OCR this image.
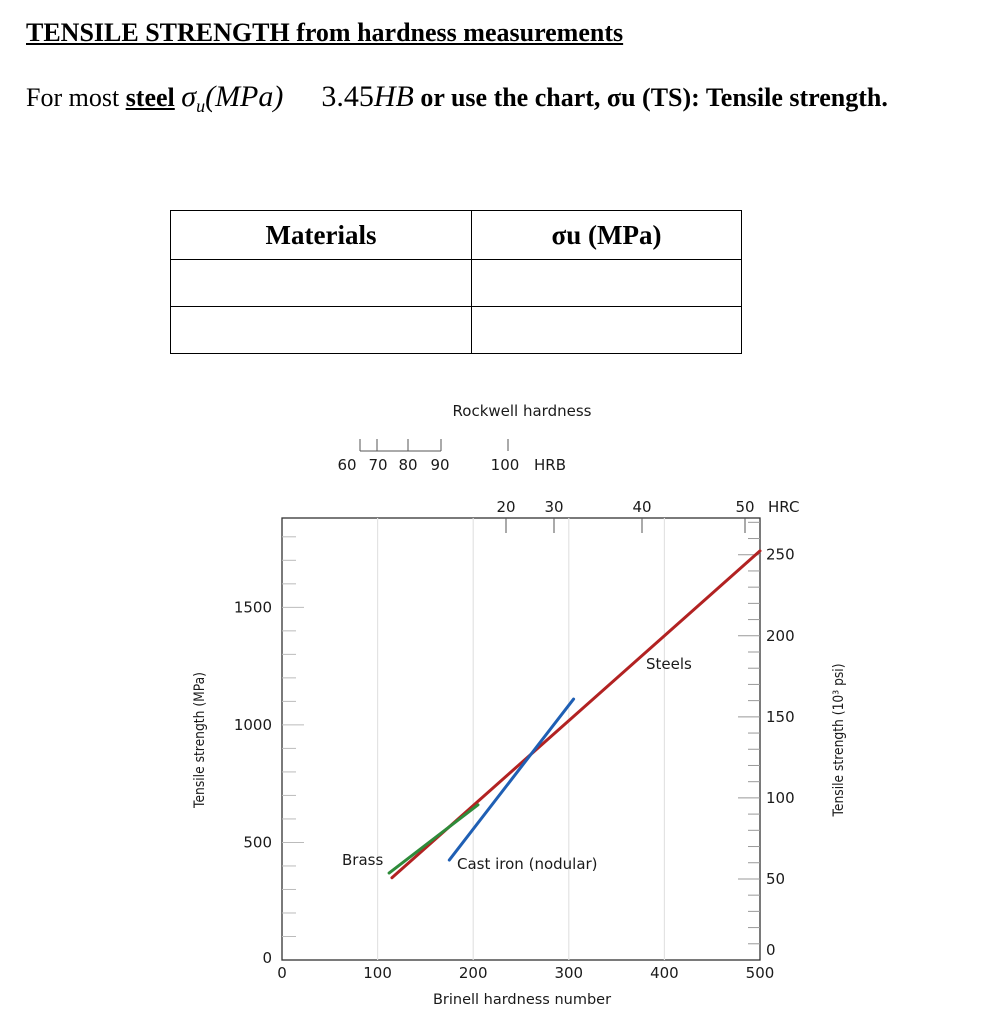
TENSILE STRENGTH from hardness measurements
For most steel $\sigma_u(MPa)$ 3.45HB or use the chart, σu (TS): Tensile strength.
Materials	σu (MPa)

Steels
Brass	Cast iron (nodular)
0	100	200	300	400	500
0
500
1000
1500
0
50
100
150
200
250
Brinell hardness number
Tensile strength (MPa)	Tensile strength (10³ psi)
Rockwell hardness
60 70 80 90	100 HRB
20 30	40	50 HRC
